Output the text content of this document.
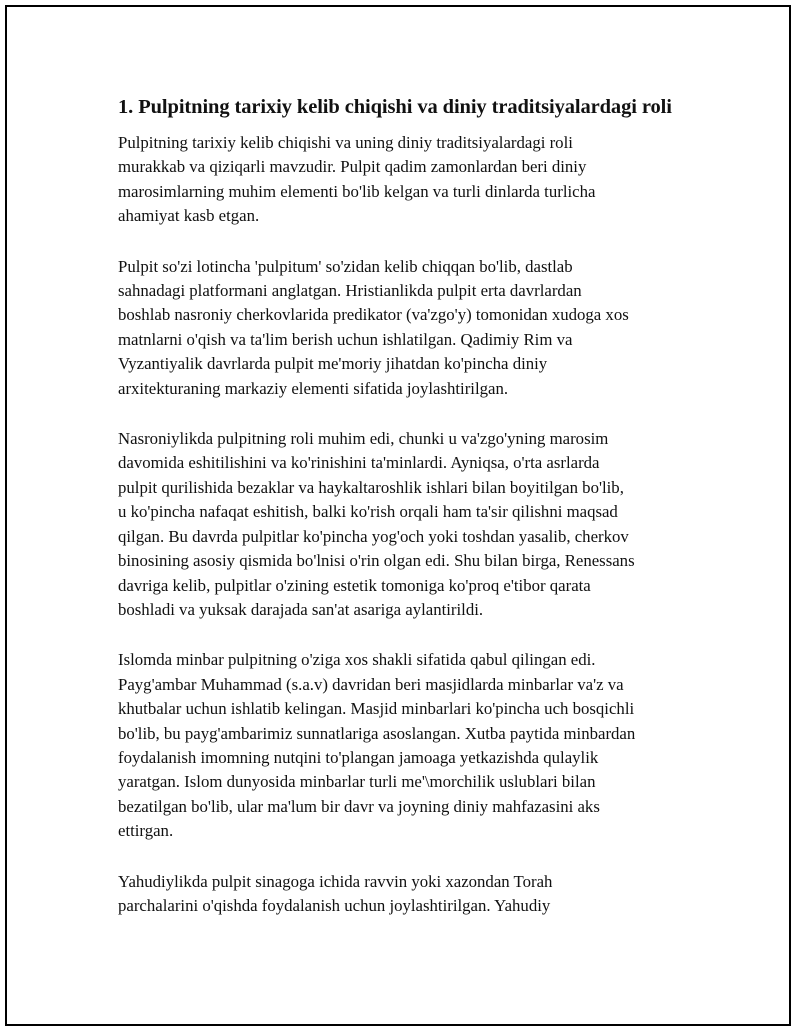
1. Pulpitning tarixiy kelib chiqishi va diniy traditsiyalardagi roli

Pulpitning tarixiy kelib chiqishi va uning diniy traditsiyalardagi roli
murakkab va qiziqarli mavzudir. Pulpit qadim zamonlardan beri diniy
marosimlarning muhim elementi bo'lib kelgan va turli dinlarda turlicha
ahamiyat kasb etgan.

Pulpit so'zi lotincha 'pulpitum' so'zidan kelib chiqqan bo'lib, dastlab
sahnadagi platformani anglatgan. Hristianlikda pulpit erta davrlardan
boshlab nasroniy cherkovlarida predikator (va'zgo'y) tomonidan xudoga xos
matnlarni o'qish va ta'lim berish uchun ishlatilgan. Qadimiy Rim va
Vyzantiyalik davrlarda pulpit me'moriy jihatdan ko'pincha diniy
arxitekturaning markaziy elementi sifatida joylashtirilgan.

Nasroniylikda pulpitning roli muhim edi, chunki u va'zgo'yning marosim
davomida eshitilishini va ko'rinishini ta'minlardi. Ayniqsa, o'rta asrlarda
pulpit qurilishida bezaklar va haykaltaroshlik ishlari bilan boyitilgan bo'lib,
u ko'pincha nafaqat eshitish, balki ko'rish orqali ham ta'sir qilishni maqsad
qilgan. Bu davrda pulpitlar ko'pincha yog'och yoki toshdan yasalib, cherkov
binosining asosiy qismida bo'lnisi o'rin olgan edi. Shu bilan birga, Renessans
davriga kelib, pulpitlar o'zining estetik tomoniga ko'proq e'tibor qarata
boshladi va yuksak darajada san'at asariga aylantirildi.

Islomda minbar pulpitning o'ziga xos shakli sifatida qabul qilingan edi.
Payg'ambar Muhammad (s.a.v) davridan beri masjidlarda minbarlar va'z va
khutbalar uchun ishlatib kelingan. Masjid minbarlari ko'pincha uch bosqichli
bo'lib, bu payg'ambarimiz sunnatlariga asoslangan. Xutba paytida minbardan
foydalanish imomning nutqini to'plangan jamoaga yetkazishda qulaylik
yaratgan. Islom dunyosida minbarlar turli me'\morchilik uslublari bilan
bezatilgan bo'lib, ular ma'lum bir davr va joyning diniy mahfazasini aks
ettirgan.

Yahudiylikda pulpit sinagoga ichida ravvin yoki xazondan Torah
parchalarini o'qishda foydalanish uchun joylashtirilgan. Yahudiy
